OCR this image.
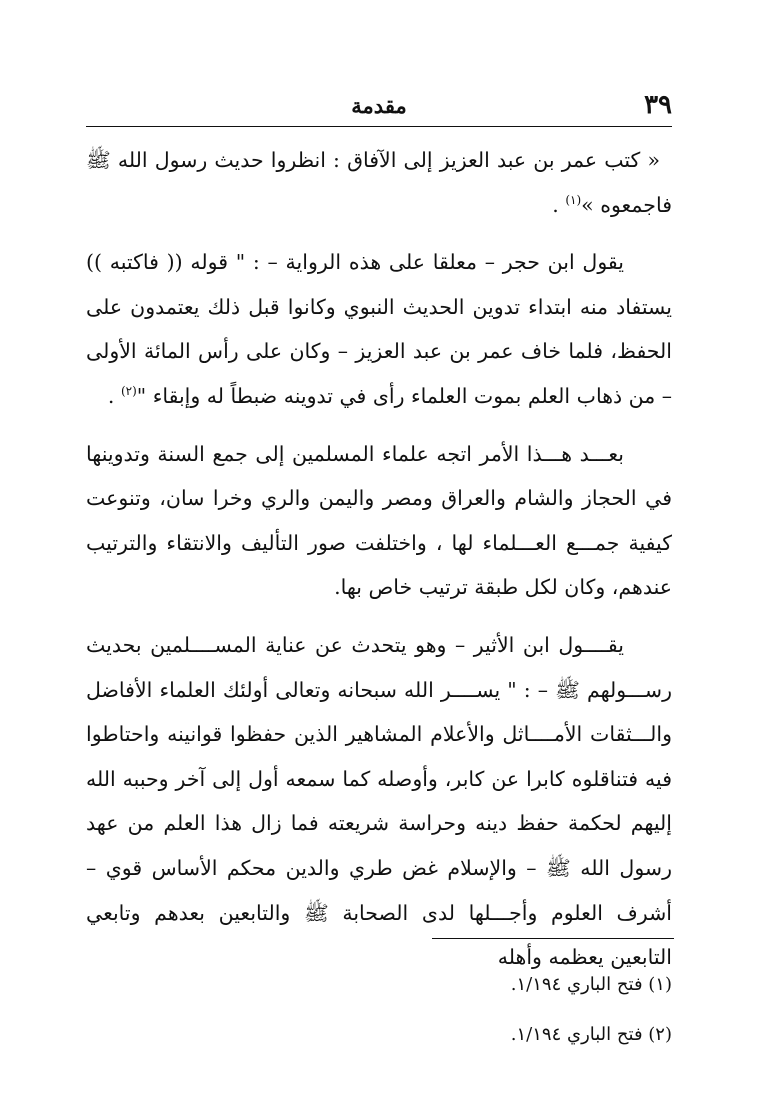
٣٩
مقدمة

« كتب عمر بن عبد العزيز إلى الآفاق : انظروا حديث رسول الله ﷺ فاجمعوه »$^{(١)}$ .

يقول ابن حجر – معلقا على هذه الرواية – : " قوله (( فاكتبه )) يستفاد منه ابتداء تدوين الحديث النبوي وكانوا قبل ذلك يعتمدون على الحفظ، فلما خاف عمر بن عبد العزيز – وكان على رأس المائة الأولى – من ذهاب العلم بموت العلماء رأى في تدوينه ضبطاً له وإبقاء "$^{(٢)}$ .

بعـــد هـــذا الأمر اتجه علماء المسلمين إلى جمع السنة وتدوينها في الحجاز والشام والعراق ومصر واليمن والري وخرا سان، وتنوعت كيفية جمـــع العـــلماء لها ، واختلفت صور التأليف والانتقاء والترتيب عندهم، وكان لكل طبقة ترتيب خاص بها.

يقــــول ابن الأثير – وهو يتحدث عن عناية المســــلمين بحديث رســـولهم ﷺ – : " يســــر الله سبحانه وتعالى أولئك العلماء الأفاضل والـــثقات الأمــــاثل والأعلام المشاهير الذين حفظوا قوانينه واحتاطوا فيه فتناقلوه كابرا عن كابر، وأوصله كما سمعه أول إلى آخر وحببه الله إليهم لحكمة حفظ دينه وحراسة شريعته فما زال هذا العلم من عهد رسول الله ﷺ – والإسلام غض طري والدين محكم الأساس قوي – أشرف العلوم وأجـــلها لدى الصحابة ﷺ والتابعين بعدهم وتابعي التابعين يعظمه وأهله

(١) فتح الباري ١/١٩٤.
(٢) فتح الباري ١/١٩٤.
